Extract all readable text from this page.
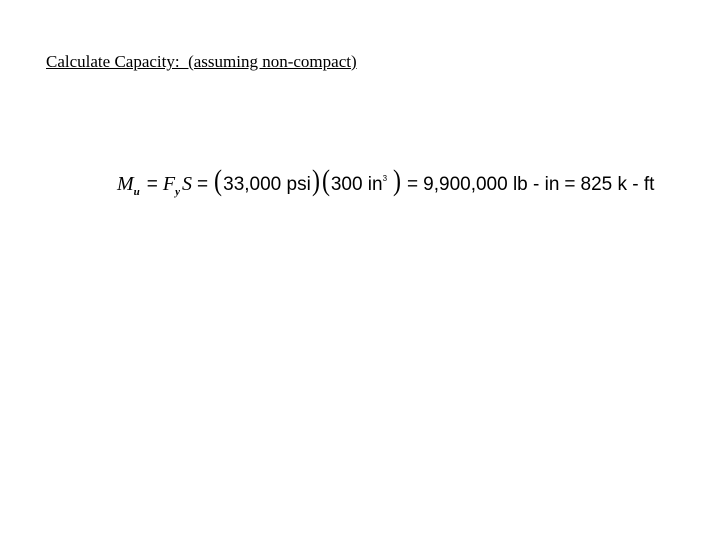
Calculate Capacity:  (assuming non-compact)
M u = F y S = ( 33,000 psi ) ( 300 in 3 ) = 9,900,000 lb - in = 825 k - ft
